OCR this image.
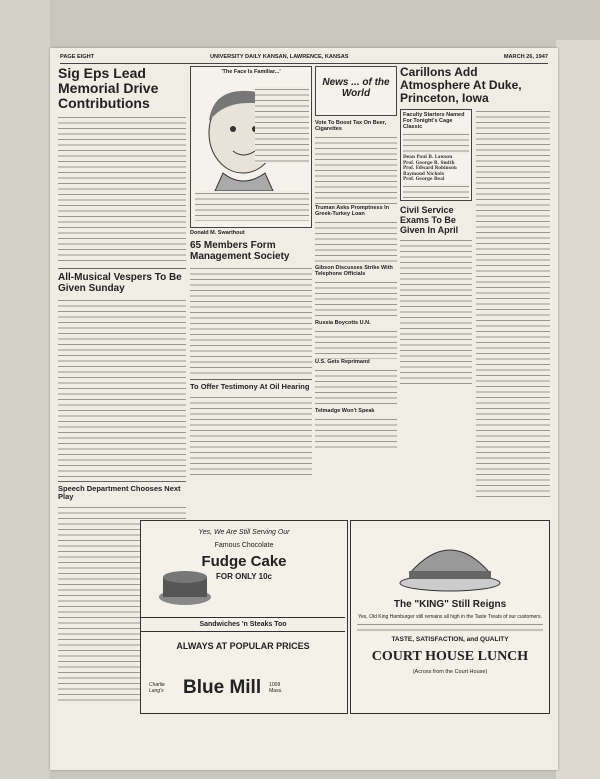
PAGE EIGHT	UNIVERSITY DAILY KANSAN, LAWRENCE, KANSAS	MARCH 26, 1947
Sig Eps Lead Memorial Drive Contributions
All-Musical Vespers To Be Given Sunday
Speech Department Chooses Next Play
'The Face Is Familiar...'
Donald M. Swarthout
65 Members Form Management Society
To Offer Testimony At Oil Hearing
News ... of the World
Vote To Boost Tax On Beer, Cigarettes
Truman Asks Promptness In Greek-Turkey Loan
Gibson Discusses Strike With Telephone Officials
Russia Boycotts U.N.
U.S. Gets Reprimand
Telmadge Won't Speak
Carillons Add Atmosphere At Duke, Princeton, Iowa
Faculty Starters Named For Tonight's Cage Classic
Dean Paul B. Lawson
Prof. George B. Smith
Prof. Edward Robinson
Raymond Nichols
Prof. George Beal
Civil Service Exams To Be Given In April
Yes, We Are Still Serving Our
Famous Chocolate
Fudge Cake
FOR ONLY 10c
Sandwiches 'n Steaks Too
ALWAYS AT POPULAR PRICES
Charlie Lang's	Blue Mill 1009 Mass.
The "KING" Still Reigns
Yes, Old King Hamburger still remains all high in the Taste Treats of our customers.
TASTE, SATISFACTION, and QUALITY
COURT HOUSE LUNCH
(Across from the Court House)
